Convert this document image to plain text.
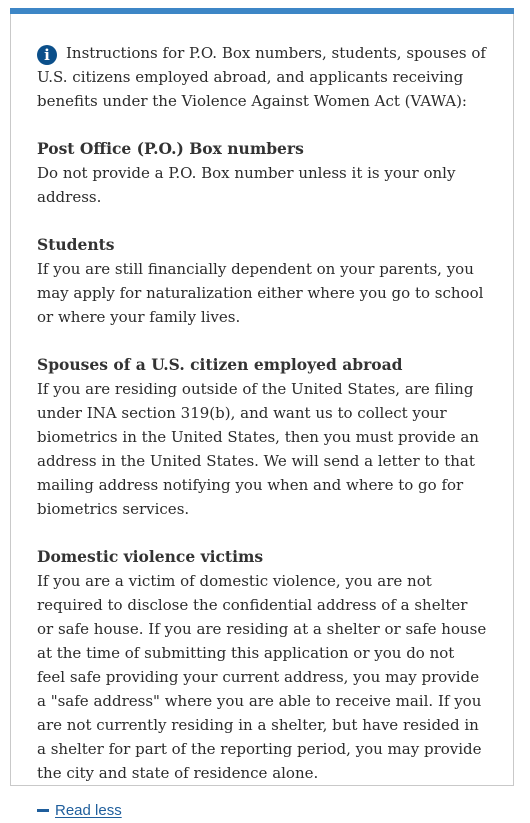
i Instructions for P.O. Box numbers, students, spouses of U.S. citizens employed abroad, and applicants receiving benefits under the Violence Against Women Act (VAWA):

Post Office (P.O.) Box numbers

Do not provide a P.O. Box number unless it is your only address.

Students

If you are still financially dependent on your parents, you may apply for naturalization either where you go to school or where your family lives.

Spouses of a U.S. citizen employed abroad

If you are residing outside of the United States, are filing under INA section 319(b), and want us to collect your biometrics in the United States, then you must provide an address in the United States. We will send a letter to that mailing address notifying you when and where to go for biometrics services.

Domestic violence victims

If you are a victim of domestic violence, you are not required to disclose the confidential address of a shelter or safe house. If you are residing at a shelter or safe house at the time of submitting this application or you do not feel safe providing your current address, you may provide a "safe address" where you are able to receive mail. If you are not currently residing in a shelter, but have resided in a shelter for part of the reporting period, you may provide the city and state of residence alone.

Read less
